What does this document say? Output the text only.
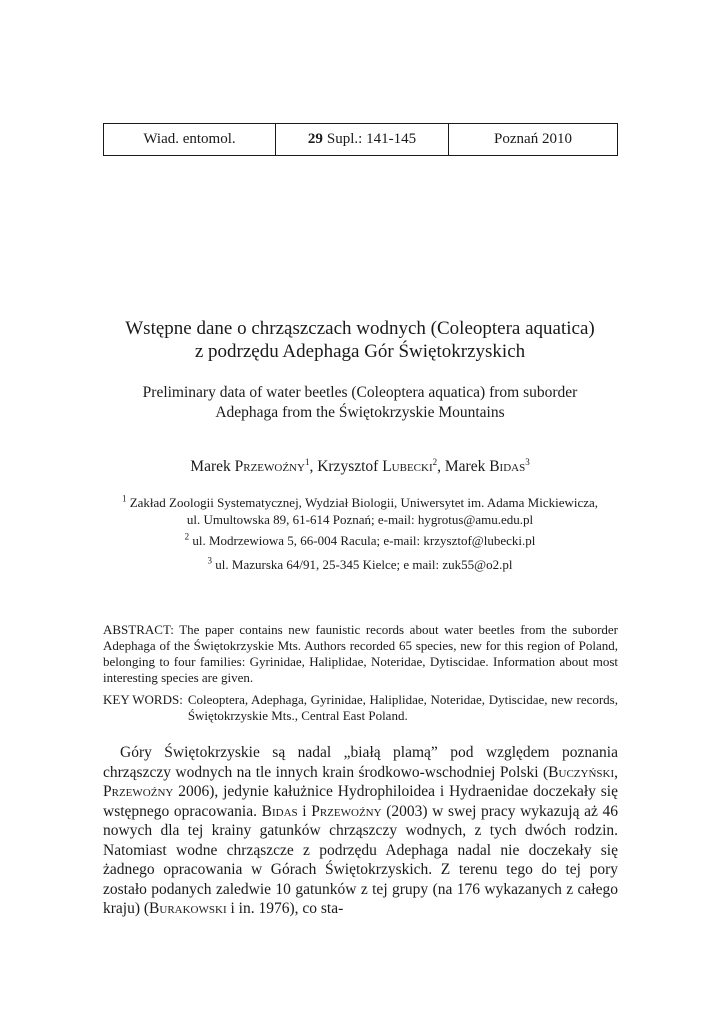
Wiad. entomol.	29 Supl.: 141-145	Poznań 2010
Wstępne dane o chrząszczach wodnych (Coleoptera aquatica)
z podrzędu Adephaga Gór Świętokrzyskich
Preliminary data of water beetles (Coleoptera aquatica) from suborder
Adephaga from the Świętokrzyskie Mountains
Marek Przewoźny$^1$, Krzysztof Lubecki$^2$, Marek Bidas$^3$
$^1$ Zakład Zoologii Systematycznej, Wydział Biologii, Uniwersytet im. Adama Mickiewicza,
ul. Umultowska 89, 61-614 Poznań; e-mail: hygrotus@amu.edu.pl
$^2$ ul. Modrzewiowa 5, 66-004 Racula; e-mail: krzysztof@lubecki.pl
$^3$ ul. Mazurska 64/91, 25-345 Kielce; e mail: zuk55@o2.pl
ABSTRACT: The paper contains new faunistic records about water beetles from the suborder Adephaga of the Świętokrzyskie Mts. Authors recorded 65 species, new for this region of Poland, belonging to four families: Gyrinidae, Haliplidae, Noteridae, Dytiscidae. Information about most interesting species are given.
KEY WORDS: Coleoptera, Adephaga, Gyrinidae, Haliplidae, Noteridae, Dytiscidae, new records, Świętokrzyskie Mts., Central East Poland.
Góry Świętokrzyskie są nadal „białą plamą” pod względem poznania chrząszczy wodnych na tle innych krain środkowo-wschodniej Polski (Buczyński, Przewoźny 2006), jedynie kałużnice Hydrophiloidea i Hydraenidae doczekały się wstępnego opracowania. Bidas i Przewoźny (2003) w swej pracy wykazują aż 46 nowych dla tej krainy gatunków chrząszczy wodnych, z tych dwóch rodzin. Natomiast wodne chrząszcze z podrzędu Adephaga nadal nie doczekały się żadnego opracowania w Górach Świętokrzyskich. Z terenu tego do tej pory zostało podanych zaledwie 10 gatunków z tej grupy (na 176 wykazanych z całego kraju) (Burakowski i in. 1976), co sta-
